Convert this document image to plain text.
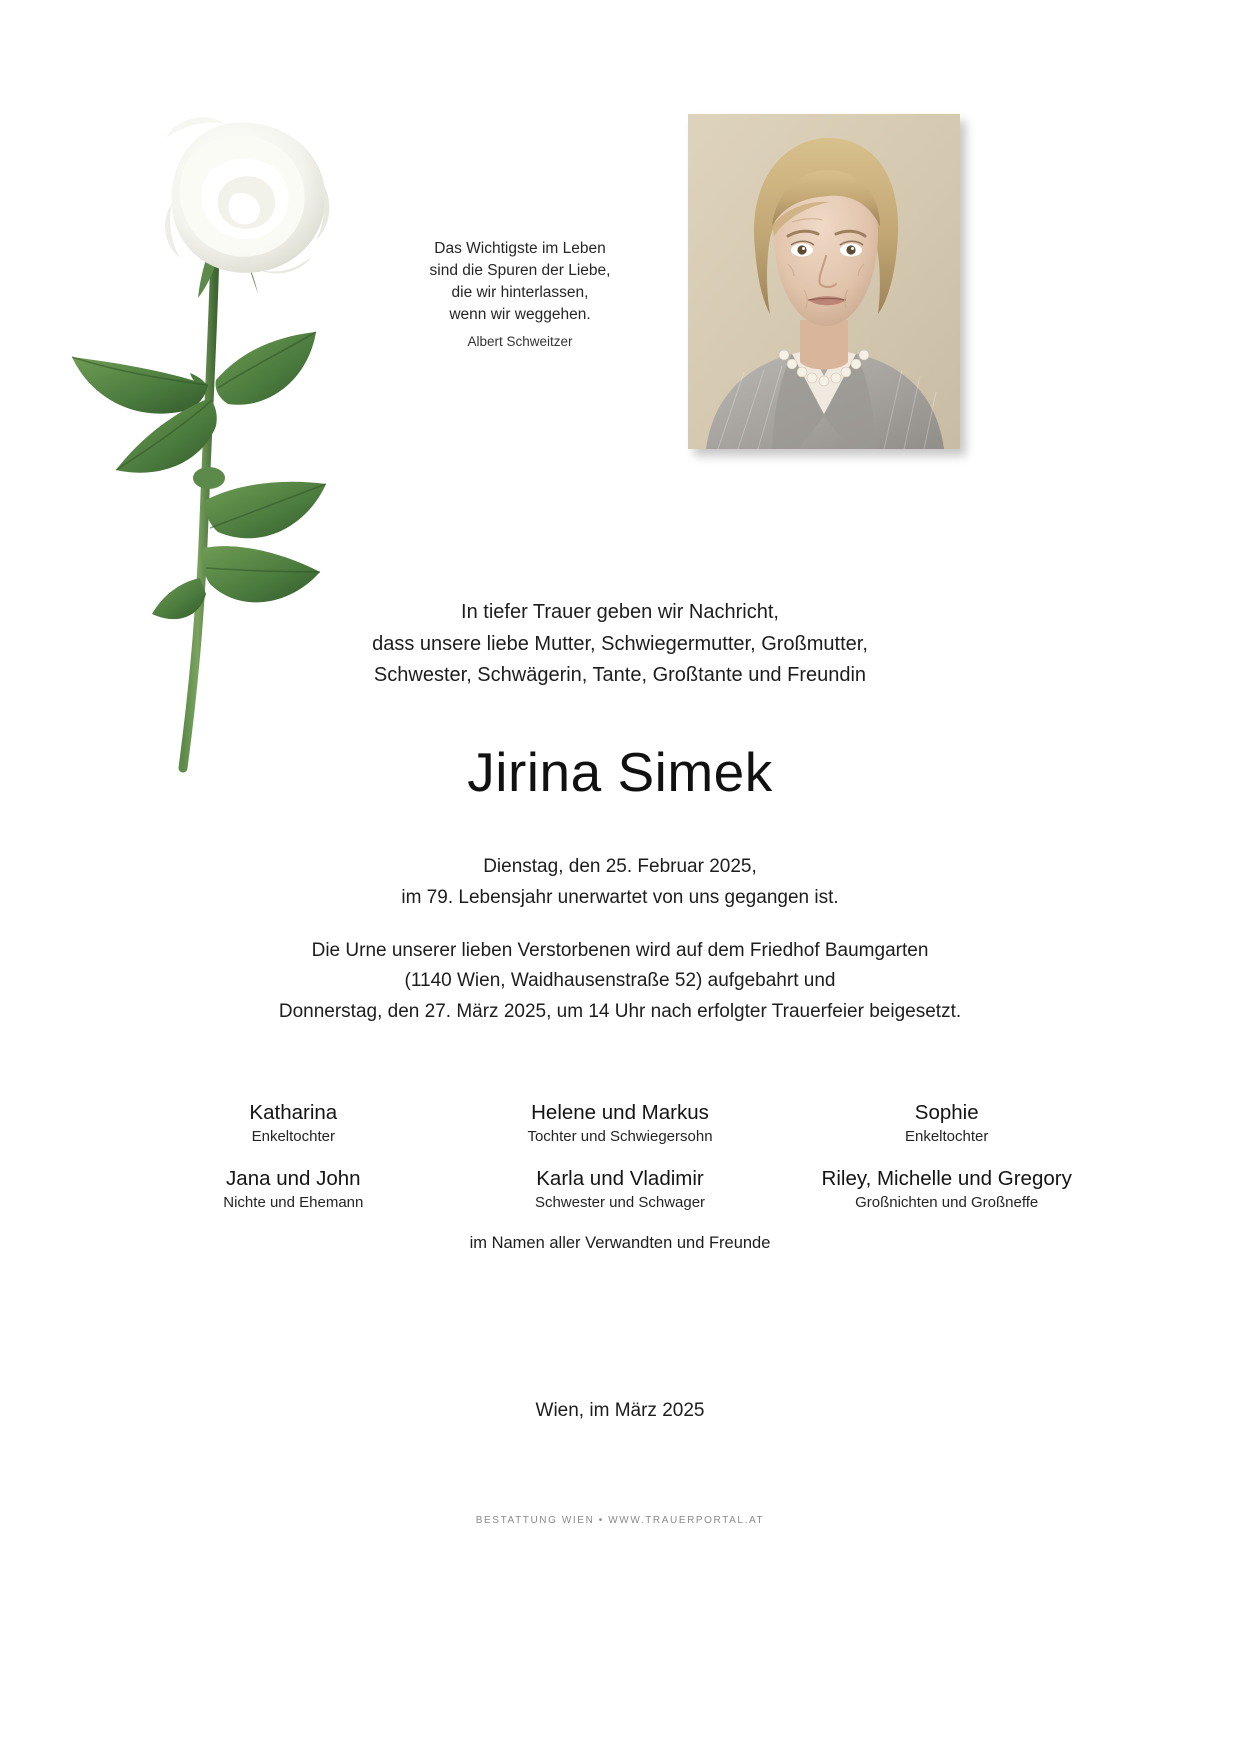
Das Wichtigste im Leben
sind die Spuren der Liebe,
die wir hinterlassen,
wenn wir weggehen.
Albert Schweitzer
In tiefer Trauer geben wir Nachricht,
dass unsere liebe Mutter, Schwiegermutter, Großmutter,
Schwester, Schwägerin, Tante, Großtante und Freundin
Jirina Simek
Dienstag, den 25. Februar 2025,
im 79. Lebensjahr unerwartet von uns gegangen ist.
Die Urne unserer lieben Verstorbenen wird auf dem Friedhof Baumgarten
(1140 Wien, Waidhausenstraße 52) aufgebahrt und
Donnerstag, den 27. März 2025, um 14 Uhr nach erfolgter Trauerfeier beigesetzt.
Katharina
Enkeltochter
Helene und Markus
Tochter und Schwiegersohn
Sophie
Enkeltochter
Jana und John
Nichte und Ehemann
Karla und Vladimir
Schwester und Schwager
Riley, Michelle und Gregory
Großnichten und Großneffe
im Namen aller Verwandten und Freunde
Wien, im März 2025
BESTATTUNG WIEN • WWW.TRAUERPORTAL.AT
